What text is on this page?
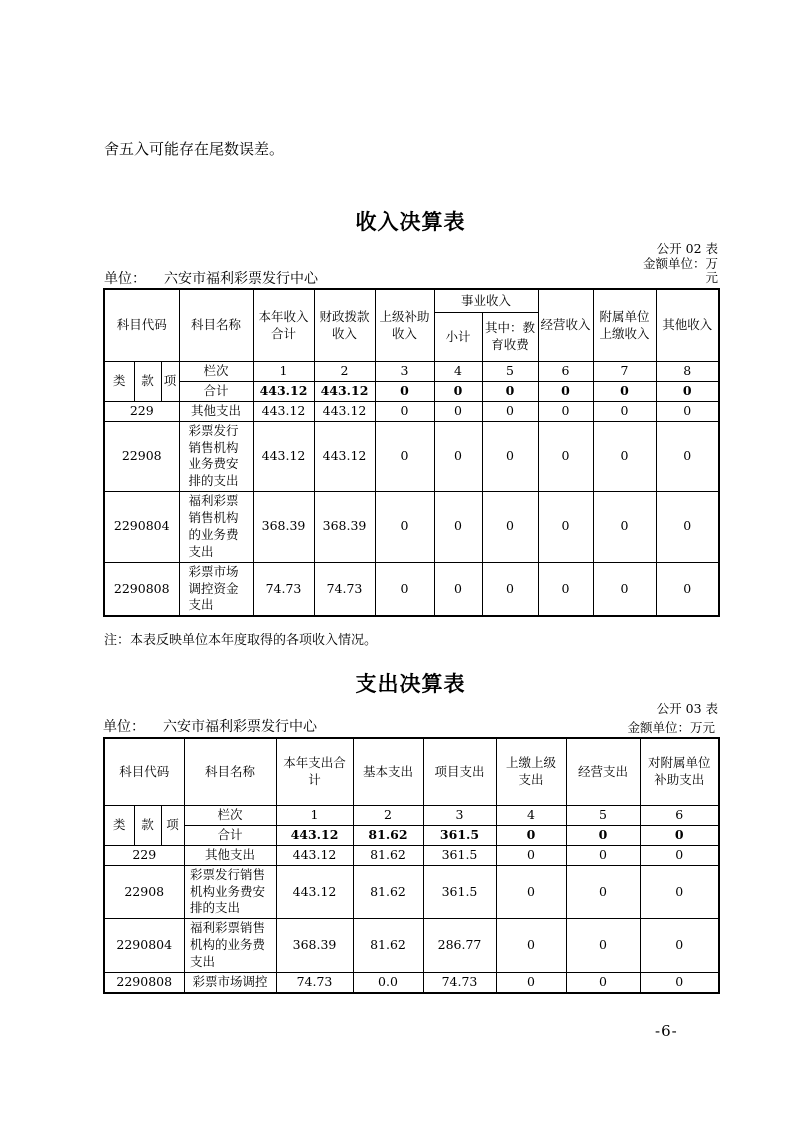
舍五入可能存在尾数误差。
收入决算表
公开 02 表
金额单位：万元
单位： 六安市福利彩票发行中心
科目代码			科目名称	本年收入合计	财政拨款收入	上级补助收入	事业收入		经营收入	附属单位上缴收入	其他收入
							小计	其中：教育收费			
类	款	项	栏次	1	2	3	4	5	6	7	8
			合计	443.12	443.12	0	0	0	0	0	0
229			其他支出	443.12	443.12	0	0	0	0	0	0
22908			彩票发行销售机构业务费安排的支出	443.12	443.12	0	0	0	0	0	0
2290804			福利彩票销售机构的业务费支出	368.39	368.39	0	0	0	0	0	0
2290808			彩票市场调控资金支出	74.73	74.73	0	0	0	0	0	0
注：本表反映单位本年度取得的各项收入情况。
支出决算表
公开 03 表
单位： 六安市福利彩票发行中心	金额单位：万元
科目代码			科目名称	本年支出合计	基本支出	项目支出	上缴上级支出	经营支出	对附属单位补助支出
类	款	项	栏次	1	2	3	4	5	6
			合计	443.12	81.62	361.5	0	0	0
229			其他支出	443.12	81.62	361.5	0	0	0
22908			彩票发行销售机构业务费安排的支出	443.12	81.62	361.5	0	0	0
2290804			福利彩票销售机构的业务费支出	368.39	81.62	286.77	0	0	0
2290808			彩票市场调控	74.73	0.0	74.73	0	0	0
-6-
